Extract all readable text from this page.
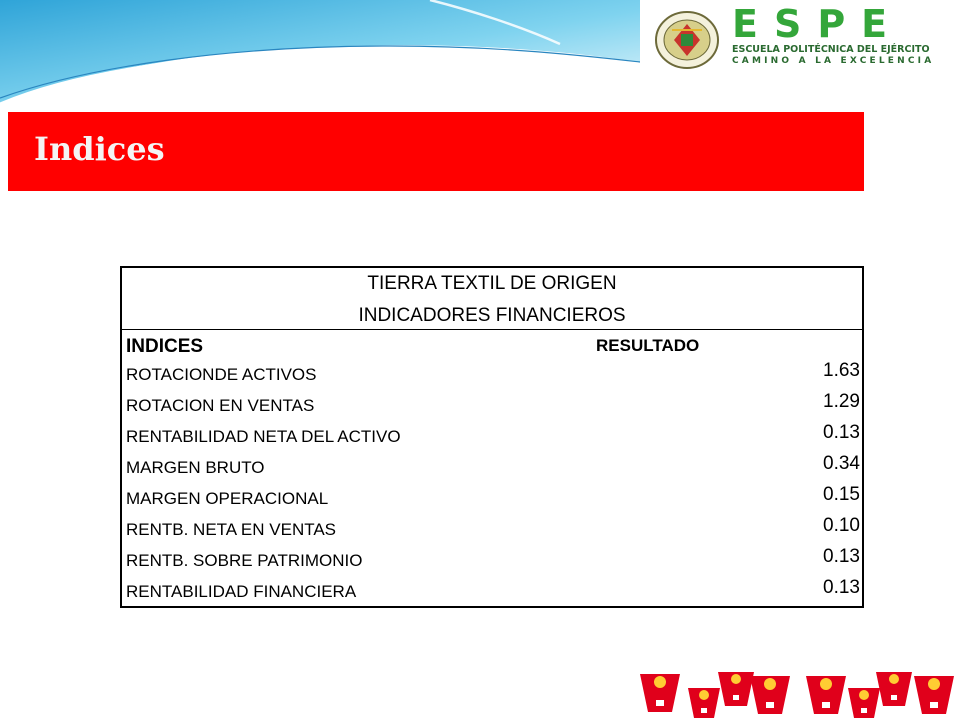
ESPE
ESCUELA POLITÉCNICA DEL EJÉRCITO
CAMINO A LA EXCELENCIA
Indices
TIERRA TEXTIL DE ORIGEN
INDICADORES FINANCIEROS
INDICES	RESULTADO
ROTACIONDE ACTIVOS	1.63
ROTACION EN VENTAS	1.29
RENTABILIDAD NETA DEL ACTIVO	0.13
MARGEN BRUTO	0.34
MARGEN OPERACIONAL	0.15
RENTB. NETA EN VENTAS	0.10
RENTB. SOBRE PATRIMONIO	0.13
RENTABILIDAD FINANCIERA	0.13
